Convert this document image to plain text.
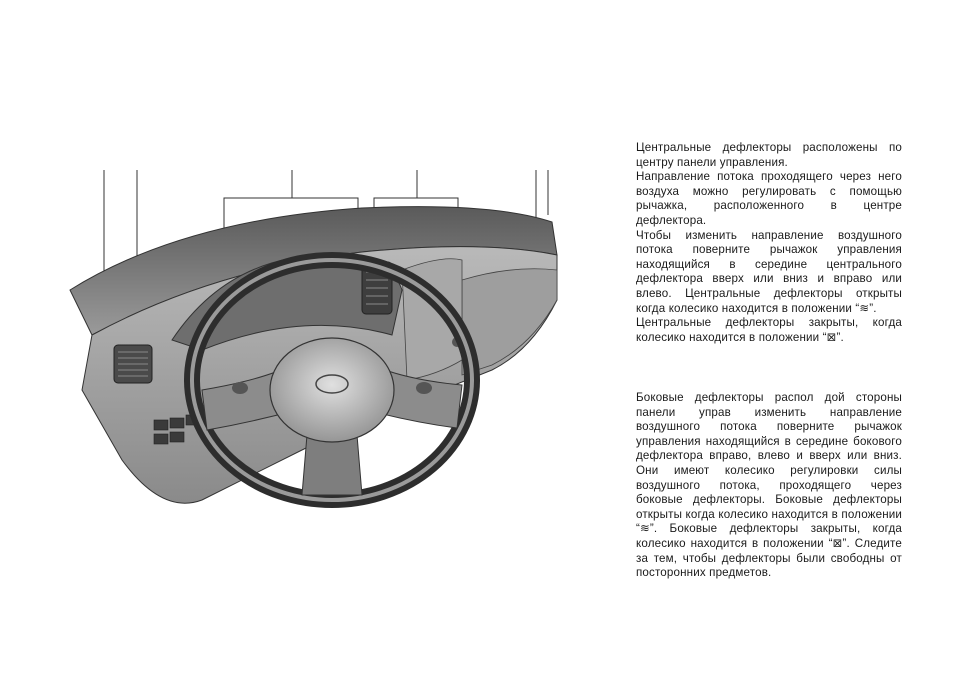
Центральные дефлекторы расположены по центру панели управления.

Направление потока проходящего через него воздуха можно регулировать с помощью рычажка, расположенного в центре дефлектора.

Чтобы изменить направление воздушного потока поверните рычажок управления находящийся в середине центрального дефлектора вверх или вниз и вправо или влево. Центральные дефлекторы открыты когда колесико находится в положении “≋”.

Центральные дефлекторы закрыты, когда колесико находится в положении “⊠”.

Боковые дефлекторы распол дой стороны панели управ изменить направление воздушного потока поверните рычажок управления находящийся в середине бокового дефлектора вправо, влево и вверх или вниз. Они имеют колесико регулировки силы воздушного потока, проходящего через боковые дефлекторы. Боковые дефлекторы открыты когда колесико находится в положении “≋”. Боковые дефлекторы закрыты, когда колесико находится в положении “⊠”. Следите за тем, чтобы дефлекторы были свободны от посторонних предметов.
